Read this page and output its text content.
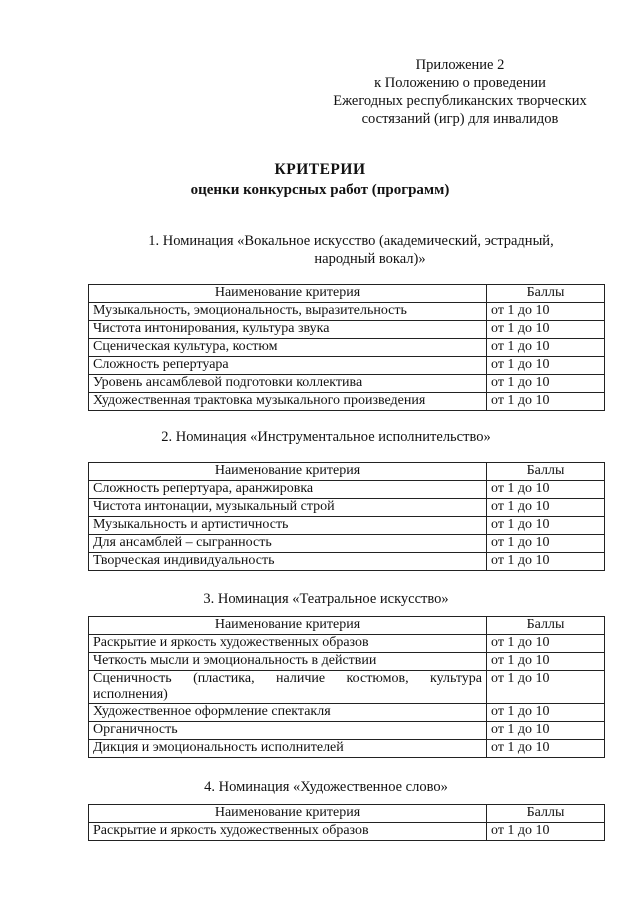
Приложение 2
к Положению о проведении
Ежегодных республиканских творческих
состязаний (игр) для инвалидов
КРИТЕРИИ
оценки конкурсных работ (программ)
1. Номинация «Вокальное искусство (академический, эстрадный,
народный вокал)»
Наименование критерия	Баллы
Музыкальность, эмоциональность, выразительность	от 1 до 10
Чистота интонирования, культура звука	от 1 до 10
Сценическая культура, костюм	от 1 до 10
Сложность репертуара	от 1 до 10
Уровень ансамблевой подготовки коллектива	от 1 до 10
Художественная трактовка музыкального произведения	от 1 до 10
2. Номинация «Инструментальное исполнительство»
Наименование критерия	Баллы
Сложность репертуара, аранжировка	от 1 до 10
Чистота интонации, музыкальный строй	от 1 до 10
Музыкальность и артистичность	от 1 до 10
Для ансамблей – сыгранность	от 1 до 10
Творческая индивидуальность	от 1 до 10
3. Номинация «Театральное искусство»
Наименование критерия	Баллы
Раскрытие и яркость художественных образов	от 1 до 10
Четкость мысли и эмоциональность в действии	от 1 до 10
Сценичность (пластика, наличие костюмов, культура исполнения)	от 1 до 10
Художественное оформление спектакля	от 1 до 10
Органичность	от 1 до 10
Дикция и эмоциональность исполнителей	от 1 до 10
4. Номинация «Художественное слово»
Наименование критерия	Баллы
Раскрытие и яркость художественных образов	от 1 до 10
